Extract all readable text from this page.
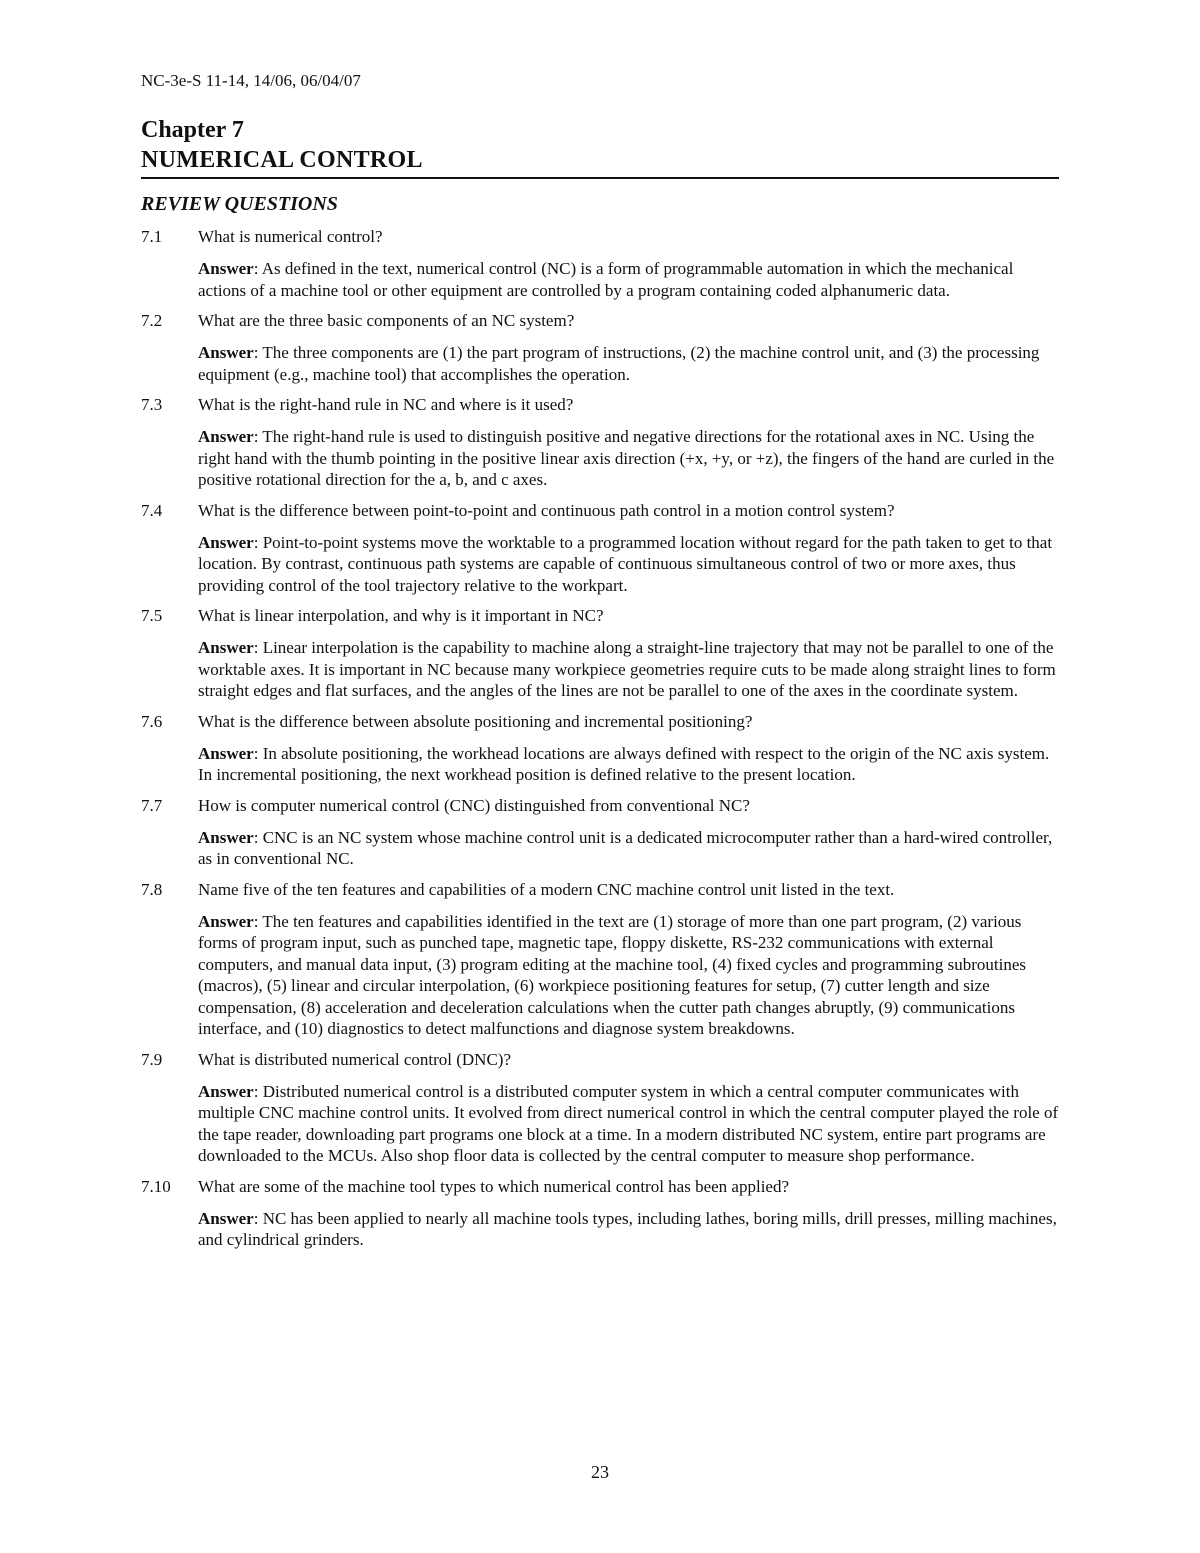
NC-3e-S 11-14, 14/06, 06/04/07
Chapter 7
NUMERICAL CONTROL
REVIEW QUESTIONS
7.1	What is numerical control?
Answer: As defined in the text, numerical control (NC) is a form of programmable automation in which the mechanical actions of a machine tool or other equipment are controlled by a program containing coded alphanumeric data.
7.2	What are the three basic components of an NC system?
Answer: The three components are (1) the part program of instructions, (2) the machine control unit, and (3) the processing equipment (e.g., machine tool) that accomplishes the operation.
7.3	What is the right-hand rule in NC and where is it used?
Answer: The right-hand rule is used to distinguish positive and negative directions for the rotational axes in NC. Using the right hand with the thumb pointing in the positive linear axis direction (+x, +y, or +z), the fingers of the hand are curled in the positive rotational direction for the a, b, and c axes.
7.4	What is the difference between point-to-point and continuous path control in a motion control system?
Answer: Point-to-point systems move the worktable to a programmed location without regard for the path taken to get to that location. By contrast, continuous path systems are capable of continuous simultaneous control of two or more axes, thus providing control of the tool trajectory relative to the workpart.
7.5	What is linear interpolation, and why is it important in NC?
Answer: Linear interpolation is the capability to machine along a straight-line trajectory that may not be parallel to one of the worktable axes. It is important in NC because many workpiece geometries require cuts to be made along straight lines to form straight edges and flat surfaces, and the angles of the lines are not be parallel to one of the axes in the coordinate system.
7.6	What is the difference between absolute positioning and incremental positioning?
Answer: In absolute positioning, the workhead locations are always defined with respect to the origin of the NC axis system. In incremental positioning, the next workhead position is defined relative to the present location.
7.7	How is computer numerical control (CNC) distinguished from conventional NC?
Answer: CNC is an NC system whose machine control unit is a dedicated microcomputer rather than a hard-wired controller, as in conventional NC.
7.8	Name five of the ten features and capabilities of a modern CNC machine control unit listed in the text.
Answer: The ten features and capabilities identified in the text are (1) storage of more than one part program, (2) various forms of program input, such as punched tape, magnetic tape, floppy diskette, RS-232 communications with external computers, and manual data input, (3) program editing at the machine tool, (4) fixed cycles and programming subroutines (macros), (5) linear and circular interpolation, (6) workpiece positioning features for setup, (7) cutter length and size compensation, (8) acceleration and deceleration calculations when the cutter path changes abruptly, (9) communications interface, and (10) diagnostics to detect malfunctions and diagnose system breakdowns.
7.9	What is distributed numerical control (DNC)?
Answer: Distributed numerical control is a distributed computer system in which a central computer communicates with multiple CNC machine control units. It evolved from direct numerical control in which the central computer played the role of the tape reader, downloading part programs one block at a time. In a modern distributed NC system, entire part programs are downloaded to the MCUs. Also shop floor data is collected by the central computer to measure shop performance.
7.10	What are some of the machine tool types to which numerical control has been applied?
Answer: NC has been applied to nearly all machine tools types, including lathes, boring mills, drill presses, milling machines, and cylindrical grinders.
23
